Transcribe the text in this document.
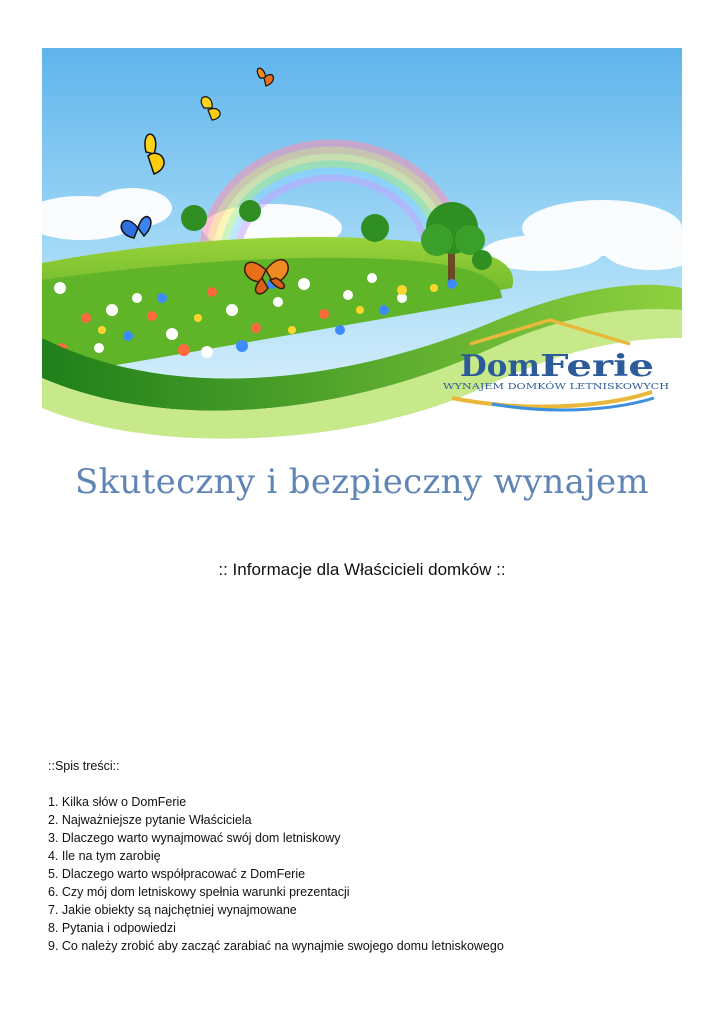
Dom Ferie
WYNAJEM DOMKÓW LETNISKOWYCH
Skuteczny i bezpieczny wynajem

:: Informacje dla Właścicieli domków ::

::Spis treści::
1. Kilka słów o DomFerie
2. Najważniejsze pytanie Właściciela
3. Dlaczego warto wynajmować swój dom letniskowy
4. Ile na tym zarobię
5. Dlaczego warto współpracować z DomFerie
6. Czy mój dom letniskowy spełnia warunki prezentacji
7. Jakie obiekty są najchętniej wynajmowane
8. Pytania i odpowiedzi
9. Co należy zrobić aby zacząć zarabiać na wynajmie swojego domu letniskowego
